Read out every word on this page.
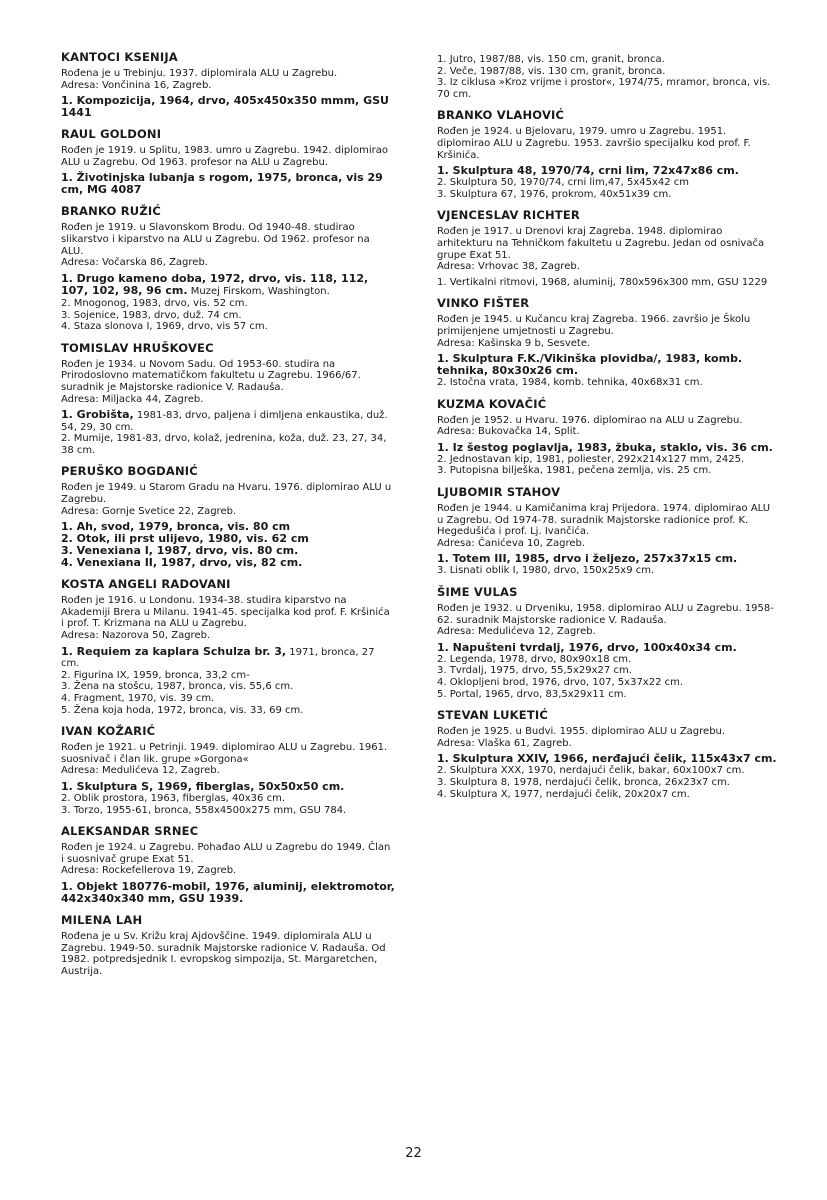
KANTOCI KSENIJA

Rođena je u Trebinju. 1937. diplomirala ALU u Zagrebu.

Adresa: Vončinina 16, Zagreb.

1. Kompozicija, 1964, drvo, 405x450x350 mmm, GSU 1441

RAUL GOLDONI

Rođen je 1919. u Splitu, 1983. umro u Zagrebu. 1942. diplomirao ALU u Zagrebu. Od 1963. profesor na ALU u Zagrebu.

1. Životinjska lubanja s rogom, 1975, bronca, vis 29 cm, MG 4087

BRANKO RUŽIĆ

Rođen je 1919. u Slavonskom Brodu. Od 1940-48. studirao slikarstvo i kiparstvo na ALU u Zagrebu. Od 1962. profesor na ALU.

Adresa: Vočarska 86, Zagreb.

1. Drugo kameno doba, 1972, drvo, vis. 118, 112, 107, 102, 98, 96 cm. Muzej Firskom, Washington.

2. Mnogonog, 1983, drvo, vis. 52 cm.

3. Sojenice, 1983, drvo, duž. 74 cm.

4. Staza slonova I, 1969, drvo, vis 57 cm.

TOMISLAV HRUŠKOVEC

Rođen je 1934. u Novom Sadu. Od 1953-60. studira na Prirodoslovno matematičkom fakultetu u Zagrebu. 1966/67. suradnik je Majstorske radionice V. Radauša.

Adresa: Miljacka 44, Zagreb.

1. Grobišta, 1981-83, drvo, paljena i dimljena enkaustika, duž. 54, 29, 30 cm.

2. Mumije, 1981-83, drvo, kolaž, jedrenina, koža, duž. 23, 27, 34, 38 cm.

PERUŠKO BOGDANIĆ

Rođen je 1949. u Starom Gradu na Hvaru. 1976. diplomirao ALU u Zagrebu.

Adresa: Gornje Svetice 22, Zagreb.

1. Ah, svod, 1979, bronca, vis. 80 cm

2. Otok, ili prst ulijevo, 1980, vis. 62 cm

3. Venexiana I, 1987, drvo, vis. 80 cm.

4. Venexiana II, 1987, drvo, vis, 82 cm.

KOSTA ANGELI RADOVANI

Rođen je 1916. u Londonu. 1934-38. studira kiparstvo na Akademiji Brera u Milanu. 1941-45. specijalka kod prof. F. Kršinića i prof. T. Krizmana na ALU u Zagrebu.

Adresa: Nazorova 50, Zagreb.

1. Requiem za kaplara Schulza br. 3, 1971, bronca, 27 cm.

2. Figurina IX, 1959, bronca, 33,2 cm-

3. Žena na stošcu, 1987, bronca, vis. 55,6 cm.

4. Fragment, 1970, vis. 39 cm.

5. Žena koja hoda, 1972, bronca, vis. 33, 69 cm.

IVAN KOŽARIĆ

Rođen je 1921. u Petrinji. 1949. diplomirao ALU u Zagrebu. 1961. suosnivač i član lik. grupe »Gorgona«

Adresa: Medulićeva 12, Zagreb.

1. Skulptura S, 1969, fiberglas, 50x50x50 cm.

2. Oblik prostora, 1963, fiberglas, 40x36 cm.

3. Torzo, 1955-61, bronca, 558x4500x275 mm, GSU 784.

ALEKSANDAR SRNEC

Rođen je 1924. u Zagrebu. Pohađao ALU u Zagrebu do 1949. Član i suosnivač grupe Exat 51.

Adresa: Rockefellerova 19, Zagreb.

1. Objekt 180776-mobil, 1976, aluminij, elektromotor, 442x340x340 mm, GSU 1939.

MILENA LAH

Rođena je u Sv. Križu kraj Ajdovščine. 1949. diplomirala ALU u Zagrebu. 1949-50. suradnik Majstorske radionice V. Radauša. Od 1982. potpredsjednik I. evropskog simpozija, St. Margaretchen, Austrija.

1. Jutro, 1987/88, vis. 150 cm, granit, bronca.

2. Veče, 1987/88, vis. 130 cm, granit, bronca.

3. Iz ciklusa »Kroz vrijme i prostor«, 1974/75, mramor, bronca, vis. 70 cm.

BRANKO VLAHOVIĆ

Rođen je 1924. u Bjelovaru, 1979. umro u Zagrebu. 1951. diplomirao ALU u Zagrebu. 1953. završio specijalku kod prof. F. Kršinića.

1. Skulptura 48, 1970/74, crni lim, 72x47x86 cm.

2. Skulptura 50, 1970/74, crni lim,47, 5x45x42 cm

3. Skulptura 67, 1976, prokrom, 40x51x39 cm.

VJENCESLAV RICHTER

Rođen je 1917. u Drenovi kraj Zagreba. 1948. diplomirao arhitekturu na Tehničkom fakultetu u Zagrebu. Jedan od osnivača grupe Exat 51.

Adresa: Vrhovac 38, Zagreb.

1. Vertikalni ritmovi, 1968, aluminij, 780x596x300 mm, GSU 1229

VINKO FIŠTER

Rođen je 1945. u Kučancu kraj Zagreba. 1966. završio je Školu primijenjene umjetnosti u Zagrebu.

Adresa: Kašinska 9 b, Sesvete.

1. Skulptura F.K./Vikinška plovidba/, 1983, komb. tehnika, 80x30x26 cm.

2. Istočna vrata, 1984, komb. tehnika, 40x68x31 cm.

KUZMA KOVAČIĆ

Rođen je 1952. u Hvaru. 1976. diplomirao na ALU u Zagrebu.

Adresa: Bukovačka 14, Split.

1. Iz šestog poglavlja, 1983, žbuka, staklo, vis. 36 cm.

2. Jednostavan kip, 1981, poliester, 292x214x127 mm, 2425.

3. Putopisna bilješka, 1981, pečena zemlja, vis. 25 cm.

LJUBOMIR STAHOV

Rođen je 1944. u Kamičanima kraj Prijedora. 1974. diplomirao ALU u Zagrebu. Od 1974-78. suradnik Majstorske radionice prof. K. Hegedušića i prof. Lj. Ivančića.

Adresa: Čanićeva 10, Zagreb.

1. Totem III, 1985, drvo i željezo, 257x37x15 cm.

3. Lisnati oblik I, 1980, drvo, 150x25x9 cm.

ŠIME VULAS

Rođen je 1932. u Drveniku, 1958. diplomirao ALU u Zagrebu. 1958-62. suradnik Majstorske radionice V. Radauša.

Adresa: Medulićeva 12, Zagreb.

1. Napušteni tvrdalj, 1976, drvo, 100x40x34 cm.

2. Legenda, 1978, drvo, 80x90x18 cm.

3. Tvrdalj, 1975, drvo, 55,5x29x27 cm.

4. Oklopljeni brod, 1976, drvo, 107, 5x37x22 cm.

5. Portal, 1965, drvo, 83,5x29x11 cm.

STEVAN LUKETIĆ

Rođen je 1925. u Budvi. 1955. diplomirao ALU u Zagrebu.

Adresa: Vlaška 61, Zagreb.

1. Skulptura XXIV, 1966, nerđajući čelik, 115x43x7 cm.

2. Skulptura XXX, 1970, nerdajući čelik, bakar, 60x100x7 cm.

3. Skulptura 8, 1978, nerdajući čelik, bronca, 26x23x7 cm.

4. Skulptura X, 1977, nerdajući čelik, 20x20x7 cm.

22
